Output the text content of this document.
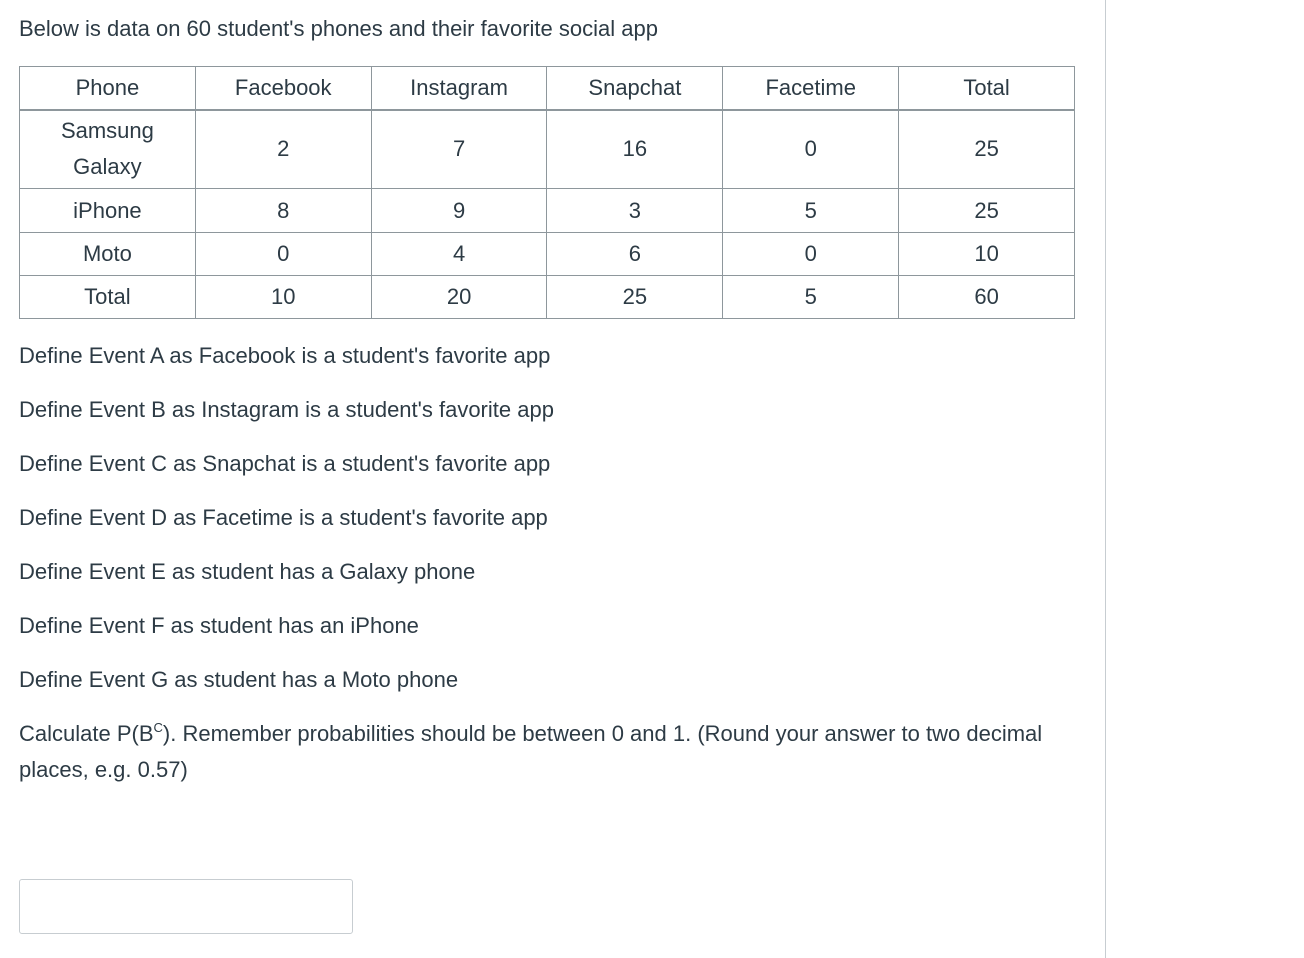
Below is data on 60 student's phones and their favorite social app

Phone	Facebook	Instagram	Snapchat	Facetime	Total
Samsung Galaxy	2	7	16	0	25
iPhone	8	9	3	5	25
Moto	0	4	6	0	10
Total	10	20	25	5	60
Define Event A as Facebook is a student's favorite app
Define Event B as Instagram is a student's favorite app
Define Event C as Snapchat is a student's favorite app
Define Event D as Facetime is a student's favorite app
Define Event E as student has a Galaxy phone
Define Event F as student has an iPhone
Define Event G as student has a Moto phone

Calculate $P(B^C)$. Remember probabilities should be between 0 and 1. (Round your answer to two decimal places, e.g. 0.57)
